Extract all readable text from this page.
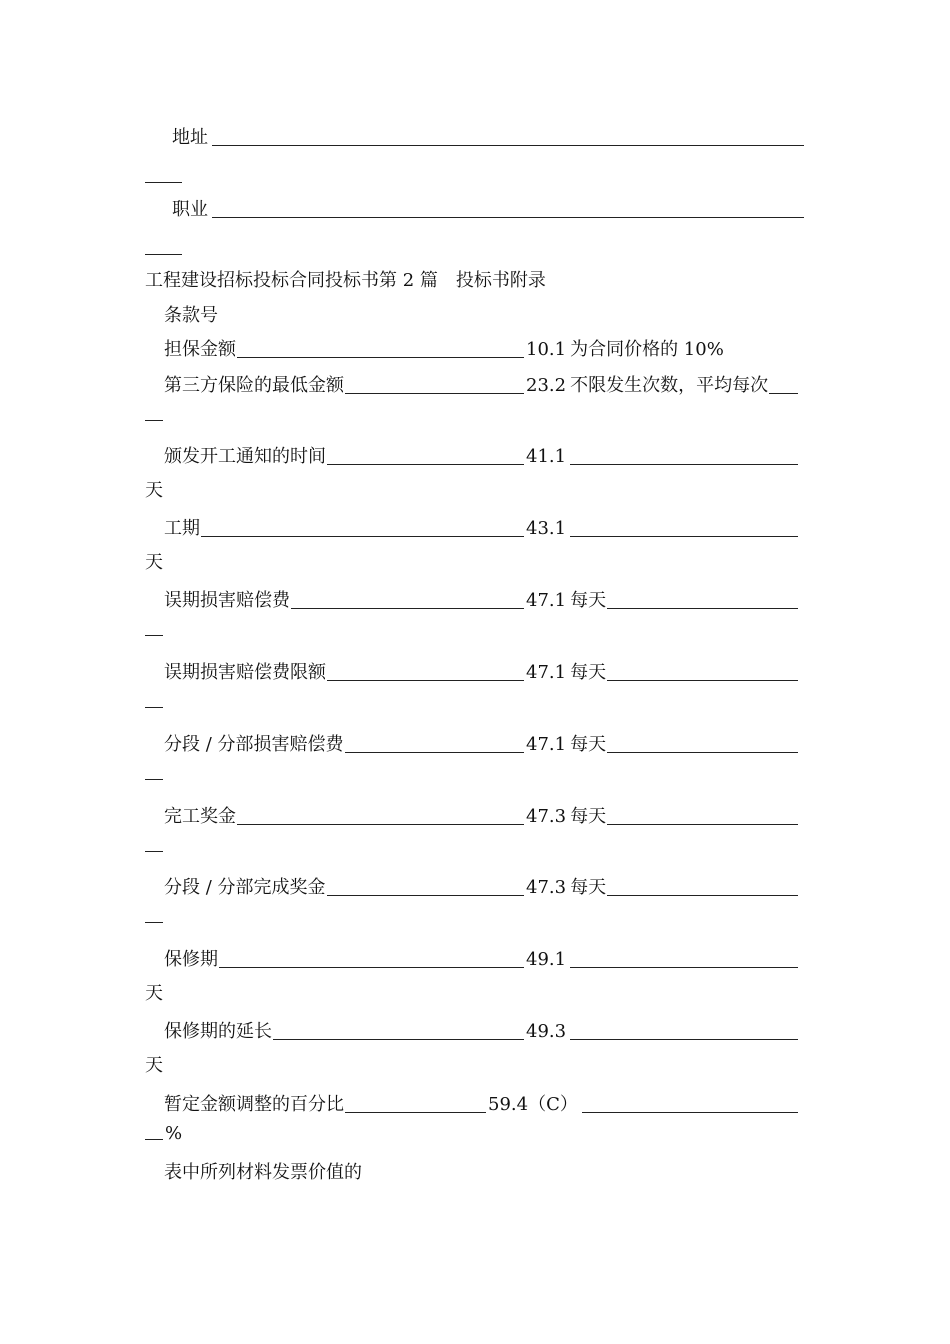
地址
职业
工程建设招标投标合同投标书第 2 篇　投标书附录
条款号
表中所列材料发票价值的
担保金额	10.1 为合同价格的 10%
第三方保险的最低金额	23.2 不限发生次数，平均每次
颁发开工通知的时间	41.1
天
工期	43.1
天
误期损害赔偿费	47.1 每天
误期损害赔偿费限额	47.1 每天
分段 / 分部损害赔偿费	47.1 每天
完工奖金	47.3 每天
分段 / 分部完成奖金	47.3 每天
保修期	49.1
天
保修期的延长	49.3
天
暂定金额调整的百分比	59.4（C）
%
